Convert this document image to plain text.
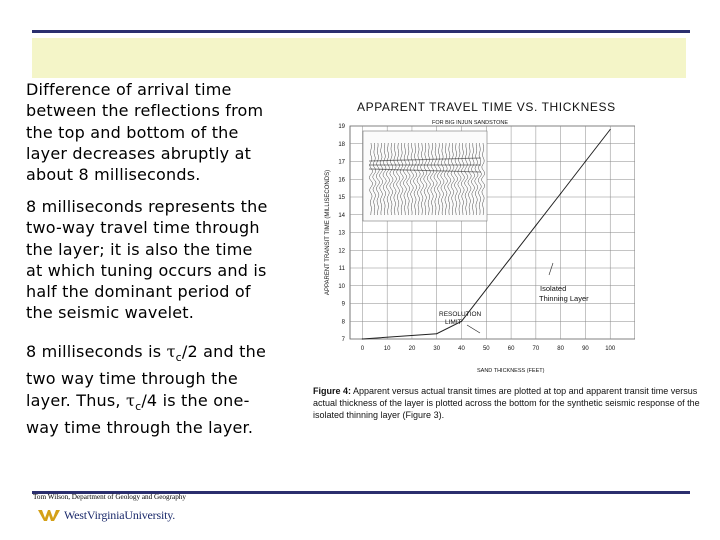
Difference of arrival time
between the reflections from
the top and bottom of the
layer decreases abruptly at
about 8 milliseconds.

8 milliseconds represents the
two-way travel time through
the layer; it is also the time
at which tuning occurs and is
half the dominant period of
the seismic wavelet.

8 milliseconds is $\tau_c/2$ and the
two way time through the
layer. Thus, $\tau_c/4$ is the one-
way time through the layer.

APPARENT TRAVEL TIME VS. THICKNESS
FOR BIG INJUN SANDSTONE
0	10	20	30	40	50	60	70	80	90	100
7
8
9
10
11
12
13
14
15
16
17
18
19
APPARENT TRANSIT TIME (MILLISECONDS)
SAND THICKNESS (FEET)
RESOLUTION LIMIT
Isolated Thinning Layer
Figure 4: Apparent versus actual transit times are plotted at top and apparent transit time versus actual thickness of the layer is plotted across the bottom for the synthetic seismic response of the isolated thinning layer (Figure 3).
Tom Wilson, Department of Geology and Geography
WestVirginiaUniversity.
